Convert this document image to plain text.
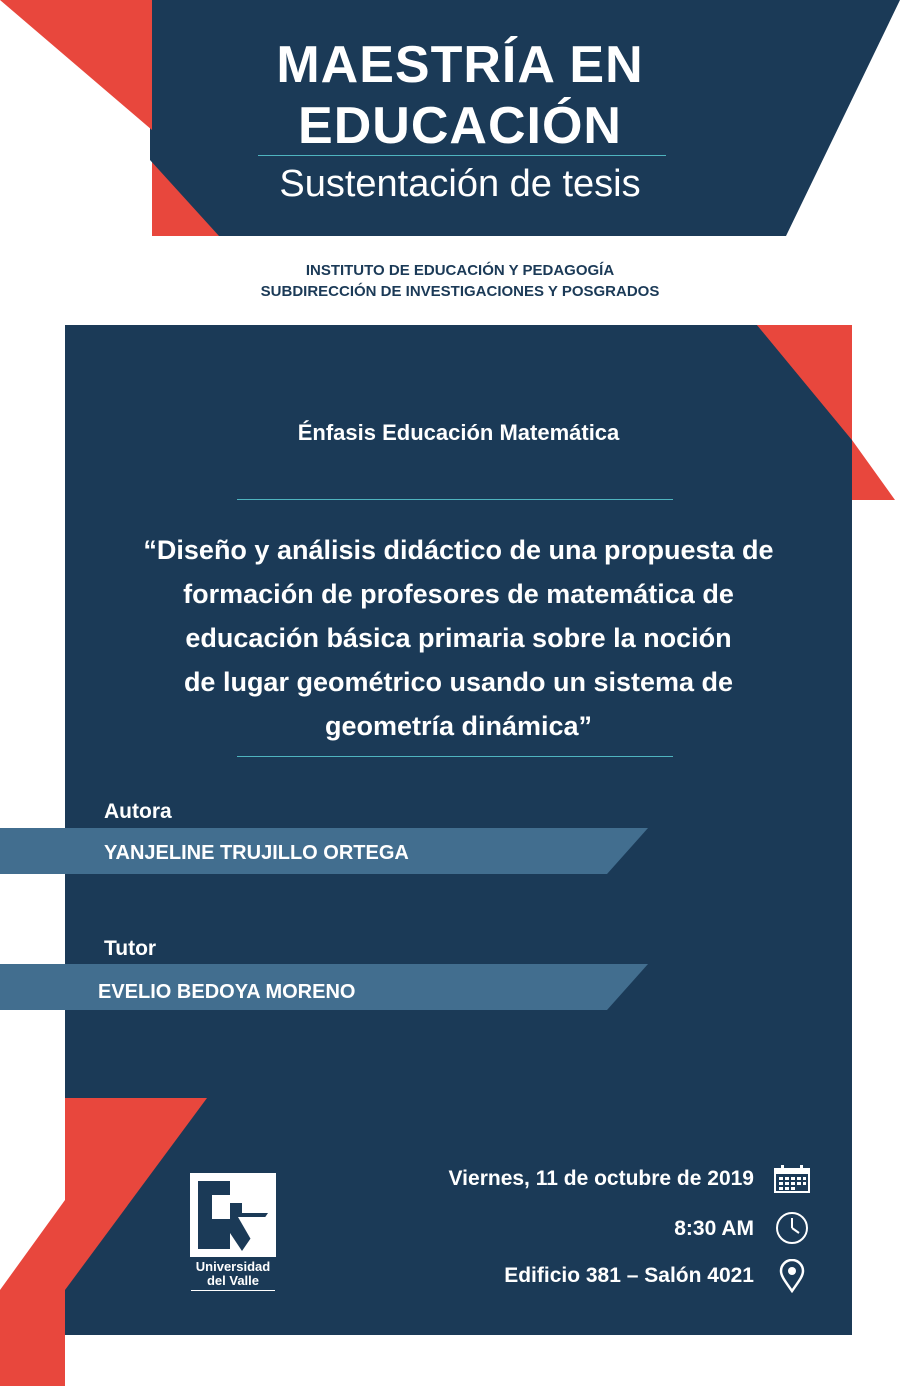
MAESTRÍA EN
EDUCACIÓN
Sustentación de tesis
INSTITUTO DE EDUCACIÓN Y PEDAGOGÍA
SUBDIRECCIÓN DE INVESTIGACIONES Y POSGRADOS
Énfasis Educación Matemática
“Diseño y análisis didáctico de una propuesta de
formación de profesores de matemática de
educación básica primaria sobre la noción
de lugar geométrico usando un sistema de
geometría dinámica”
Autora
YANJELINE TRUJILLO ORTEGA
Tutor
EVELIO BEDOYA MORENO
Universidad
del Valle
Viernes, 11 de octubre de 2019
8:30 AM
Edificio 381 – Salón 4021
